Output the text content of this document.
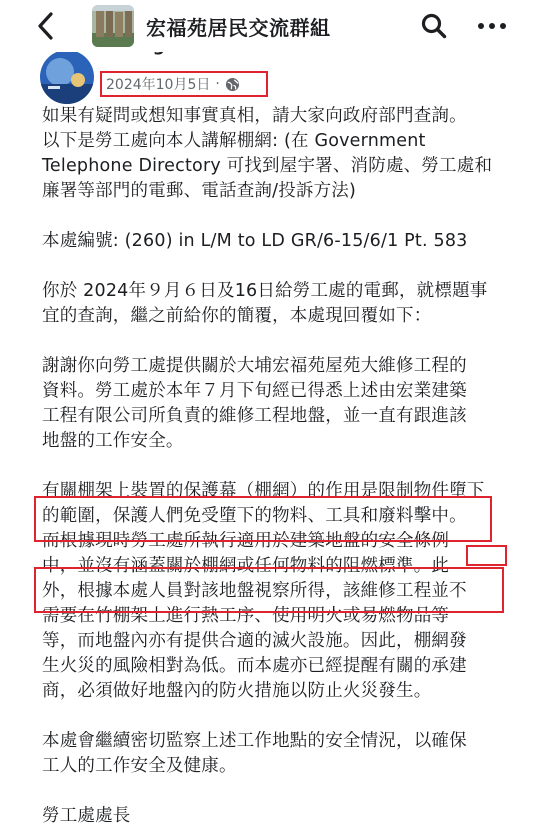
宏福苑居民交流群組
2024年10月5日 ·
如果有疑問或想知事實真相，請大家向政府部門查詢。
以下是勞工處向本人講解棚網: (在 Government
Telephone Directory 可找到屋宇署、消防處、勞工處和
廉署等部門的電郵、電話查詢/投訴方法)
本處編號: (260) in L/M to LD GR/6-15/6/1 Pt. 583
你於 2024年９月６日及16日給勞工處的電郵，就標題事
宜的查詢，繼之前給你的簡覆，本處現回覆如下：
謝謝你向勞工處提供關於大埔宏福苑屋苑大維修工程的
資料。勞工處於本年７月下旬經已得悉上述由宏業建築
工程有限公司所負責的維修工程地盤，並一直有跟進該
地盤的工作安全。
有關棚架上裝置的保護幕（棚網）的作用是限制物件墮下
的範圍，保護人們免受墮下的物料、工具和廢料擊中。
而根據現時勞工處所執行適用於建築地盤的安全條例
中，並沒有涵蓋關於棚網或任何物料的阻燃標準。此
外，根據本處人員對該地盤視察所得，該維修工程並不
需要在竹棚架上進行熱工序、使用明火或易燃物品等
等，而地盤內亦有提供合適的滅火設施。因此，棚網發
生火災的風險相對為低。而本處亦已經提醒有關的承建
商，必須做好地盤內的防火措施以防止火災發生。
本處會繼續密切監察上述工作地點的安全情況，以確保
工人的工作安全及健康。
勞工處處長
